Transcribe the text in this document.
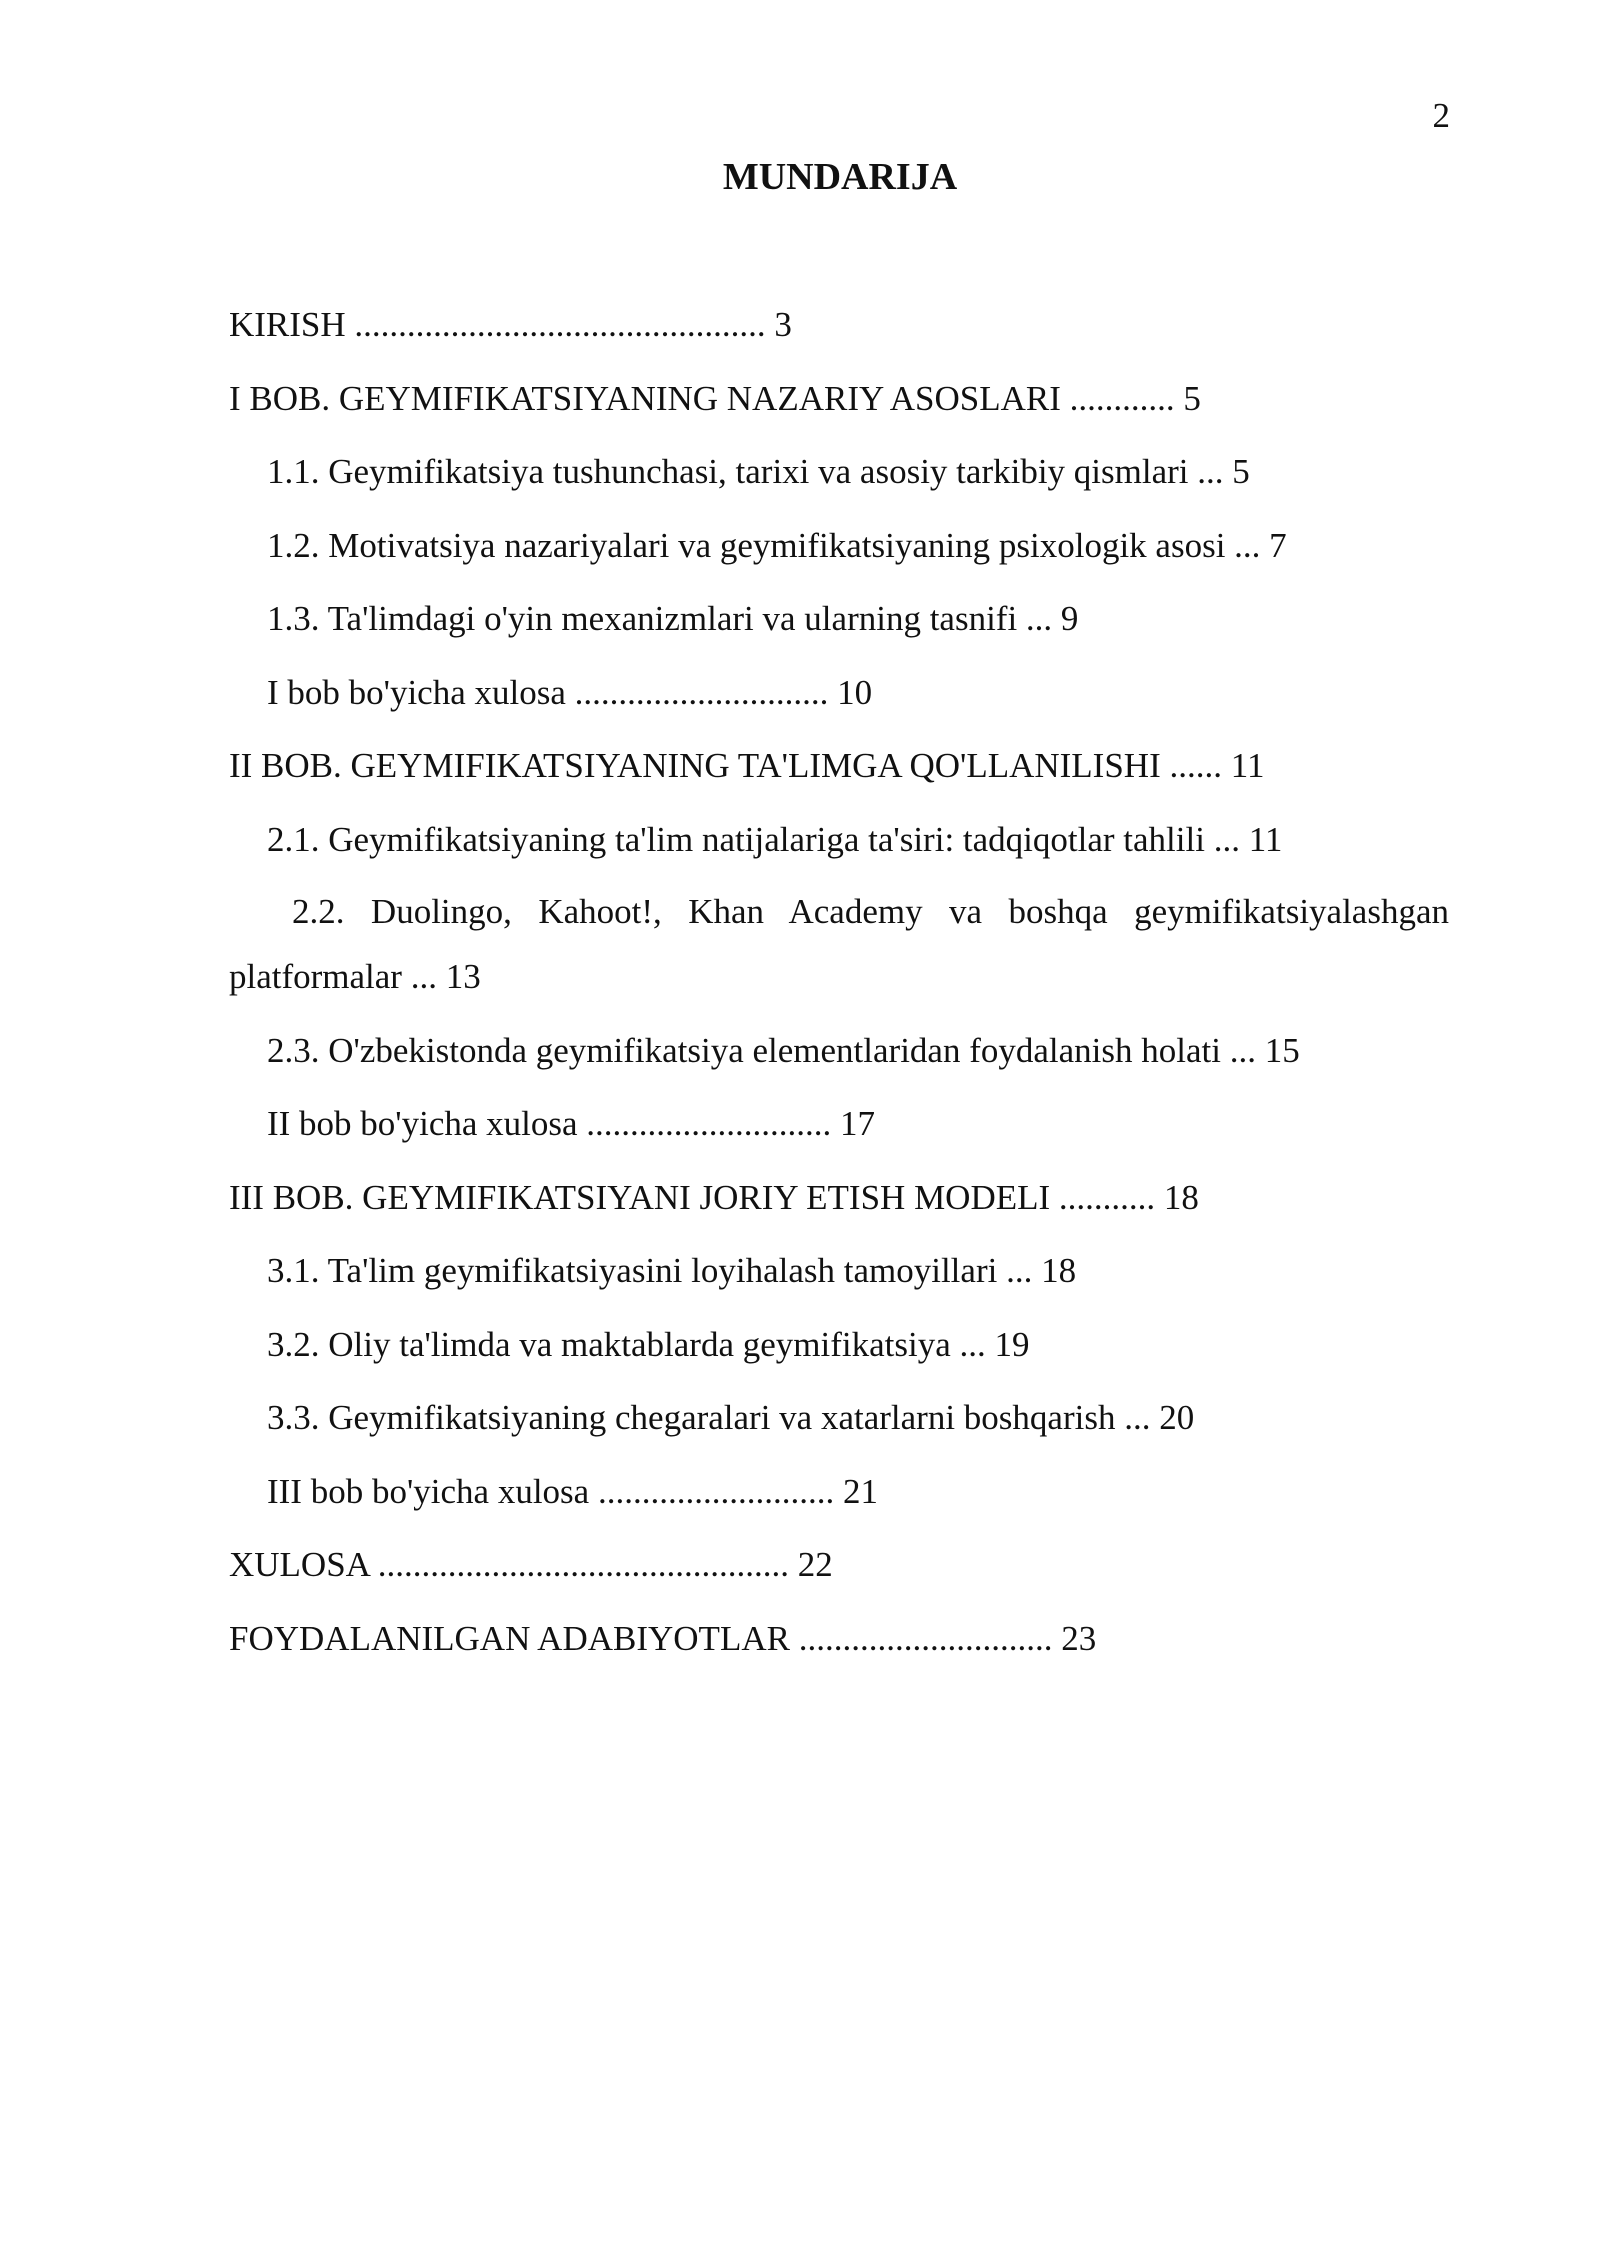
2
MUNDARIJA
KIRISH ............................................... 3
I BOB. GEYMIFIKATSIYANING NAZARIY ASOSLARI ............ 5
1.1. Geymifikatsiya tushunchasi, tarixi va asosiy tarkibiy qismlari ... 5
1.2. Motivatsiya nazariyalari va geymifikatsiyaning psixologik asosi ... 7
1.3. Ta'limdagi o'yin mexanizmlari va ularning tasnifi ... 9
I bob bo'yicha xulosa ............................. 10
II BOB. GEYMIFIKATSIYANING TA'LIMGA QO'LLANILISHI ...... 11
2.1. Geymifikatsiyaning ta'lim natijalariga ta'siri: tadqiqotlar tahlili ... 11
2.2. Duolingo, Kahoot!, Khan Academy va boshqa geymifikatsiyalashgan platformalar ... 13
2.3. O'zbekistonda geymifikatsiya elementlaridan foydalanish holati ... 15
II bob bo'yicha xulosa ............................ 17
III BOB. GEYMIFIKATSIYANI JORIY ETISH MODELI ........... 18
3.1. Ta'lim geymifikatsiyasini loyihalash tamoyillari ... 18
3.2. Oliy ta'limda va maktablarda geymifikatsiya ... 19
3.3. Geymifikatsiyaning chegaralari va xatarlarni boshqarish ... 20
III bob bo'yicha xulosa ........................... 21
XULOSA ............................................... 22
FOYDALANILGAN ADABIYOTLAR ............................. 23
